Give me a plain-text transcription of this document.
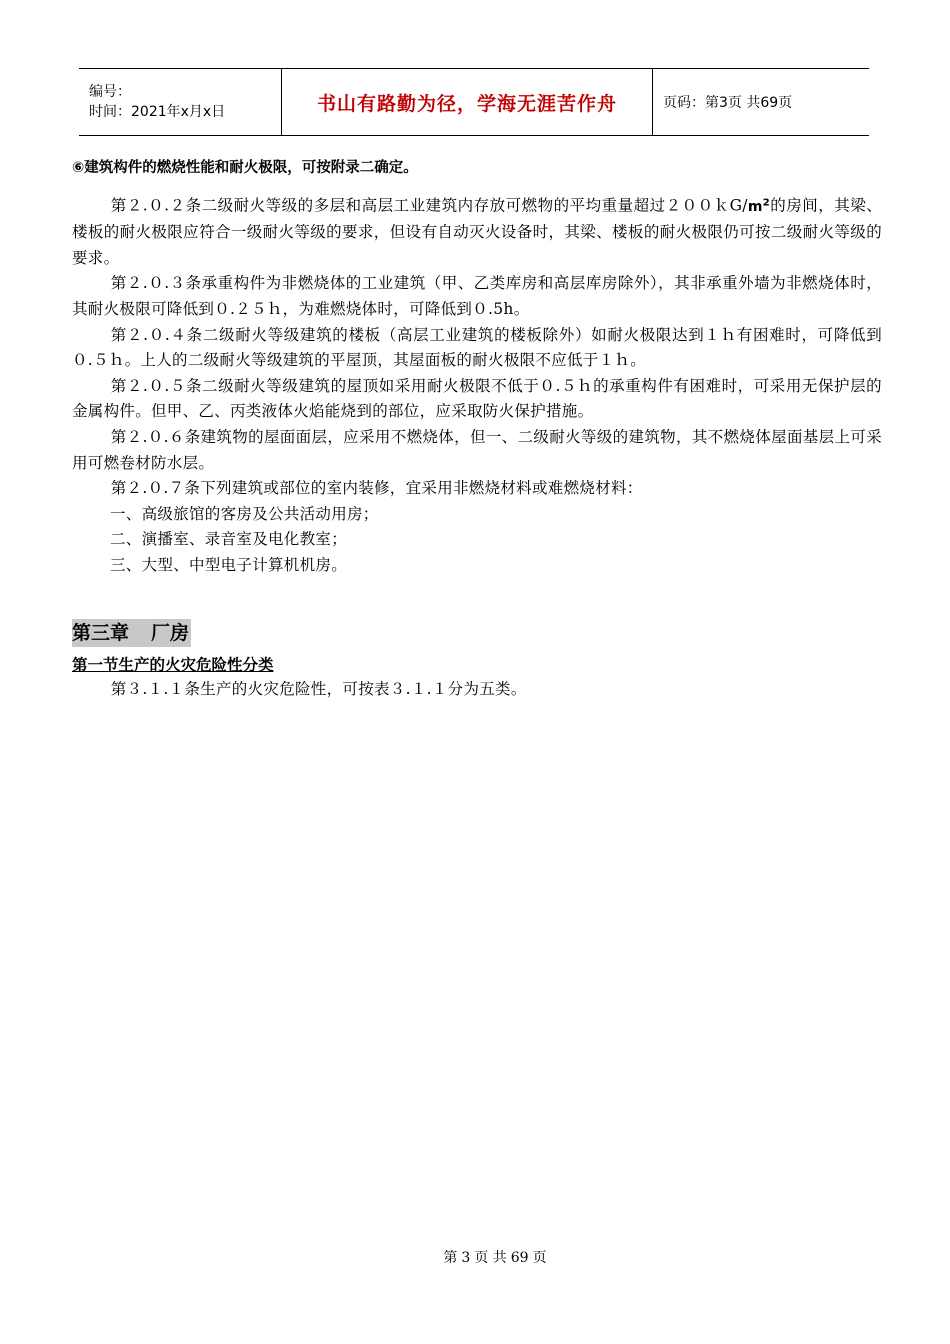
编号：
时间：2021年x月x日	书山有路勤为径，学海无涯苦作舟	页码：第3页 共69页

⑥建筑构件的燃烧性能和耐火极限，可按附录二确定。

第２.０.２条二级耐火等级的多层和高层工业建筑内存放可燃物的平均重量超过$200kG/m^2$的房间，其梁、楼板的耐火极限应符合一级耐火等级的要求，但设有自动灭火设备时，其梁、楼板的耐火极限仍可按二级耐火等级的要求。

第２.０.３条承重构件为非燃烧体的工业建筑（甲、乙类库房和高层库房除外），其非承重外墙为非燃烧体时，其耐火极限可降低到０.２５ｈ，为难燃烧体时，可降低到０.5h。

第２.０.４条二级耐火等级建筑的楼板（高层工业建筑的楼板除外）如耐火极限达到１ｈ有困难时，可降低到０.５ｈ。上人的二级耐火等级建筑的平屋顶，其屋面板的耐火极限不应低于１ｈ。

第２.０.５条二级耐火等级建筑的屋顶如采用耐火极限不低于０.５ｈ的承重构件有困难时，可采用无保护层的金属构件。但甲、乙、丙类液体火焰能烧到的部位，应采取防火保护措施。

第２.０.６条建筑物的屋面面层，应采用不燃烧体，但一、二级耐火等级的建筑物，其不燃烧体屋面基层上可采用可燃卷材防水层。

第２.０.７条下列建筑或部位的室内装修，宜采用非燃烧材料或难燃烧材料：

一、高级旅馆的客房及公共活动用房；

二、演播室、录音室及电化教室；

三、大型、中型电子计算机机房。

第三章 厂房
第一节生产的火灾危险性分类

第３.１.１条生产的火灾危险性，可按表３.１.１分为五类。

第 3 页 共 69 页
